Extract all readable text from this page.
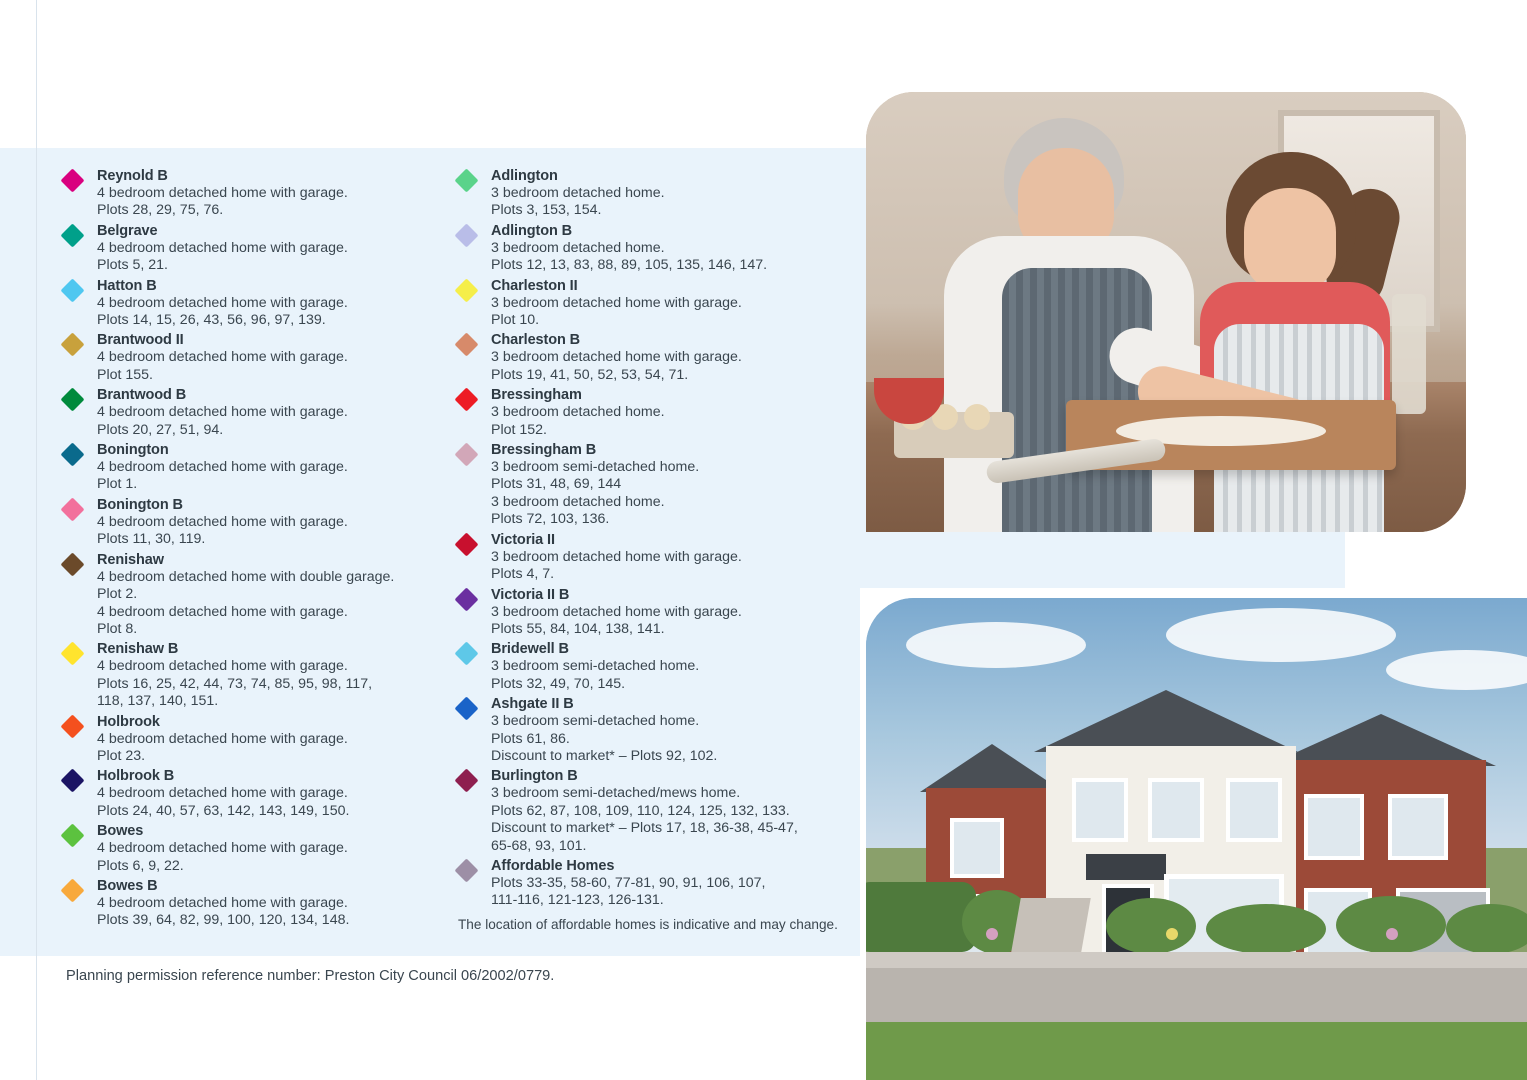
Reynold B
4 bedroom detached home with garage.
Plots 28, 29, 75, 76.
Belgrave
4 bedroom detached home with garage.
Plots 5, 21.
Hatton B
4 bedroom detached home with garage.
Plots 14, 15, 26, 43, 56, 96, 97, 139.
Brantwood II
4 bedroom detached home with garage.
Plot 155.
Brantwood B
4 bedroom detached home with garage.
Plots 20, 27, 51, 94.
Bonington
4 bedroom detached home with garage.
Plot 1.
Bonington B
4 bedroom detached home with garage.
Plots 11, 30, 119.
Renishaw
4 bedroom detached home with double garage.
Plot 2.
4 bedroom detached home with garage.
Plot 8.
Renishaw B
4 bedroom detached home with garage.
Plots 16, 25, 42, 44, 73, 74, 85, 95, 98, 117,
118, 137, 140, 151.
Holbrook
4 bedroom detached home with garage.
Plot 23.
Holbrook B
4 bedroom detached home with garage.
Plots 24, 40, 57, 63, 142, 143, 149, 150.
Bowes
4 bedroom detached home with garage.
Plots 6, 9, 22.
Bowes B
4 bedroom detached home with garage.
Plots 39, 64, 82, 99, 100, 120, 134, 148.
Adlington
3 bedroom detached home.
Plots 3, 153, 154.
Adlington B
3 bedroom detached home.
Plots 12, 13, 83, 88, 89, 105, 135, 146, 147.
Charleston II
3 bedroom detached home with garage.
Plot 10.
Charleston B
3 bedroom detached home with garage.
Plots 19, 41, 50, 52, 53, 54, 71.
Bressingham
3 bedroom detached home.
Plot 152.
Bressingham B
3 bedroom semi-detached home.
Plots 31, 48, 69, 144
3 bedroom detached home.
Plots 72, 103, 136.
Victoria II
3 bedroom detached home with garage.
Plots 4, 7.
Victoria II B
3 bedroom detached home with garage.
Plots 55, 84, 104, 138, 141.
Bridewell B
3 bedroom semi-detached home.
Plots 32, 49, 70, 145.
Ashgate II B
3 bedroom semi-detached home.
Plots 61, 86.
Discount to market* – Plots 92, 102.
Burlington B
3 bedroom semi-detached/mews home.
Plots 62, 87, 108, 109, 110, 124, 125, 132, 133.
Discount to market* – Plots 17, 18, 36-38, 45-47,
65-68, 93, 101.
Affordable Homes
Plots 33-35, 58-60, 77-81, 90, 91, 106, 107,
111-116, 121-123, 126-131.
The location of affordable homes is indicative and may change.
Planning permission reference number: Preston City Council 06/2002/0779.
